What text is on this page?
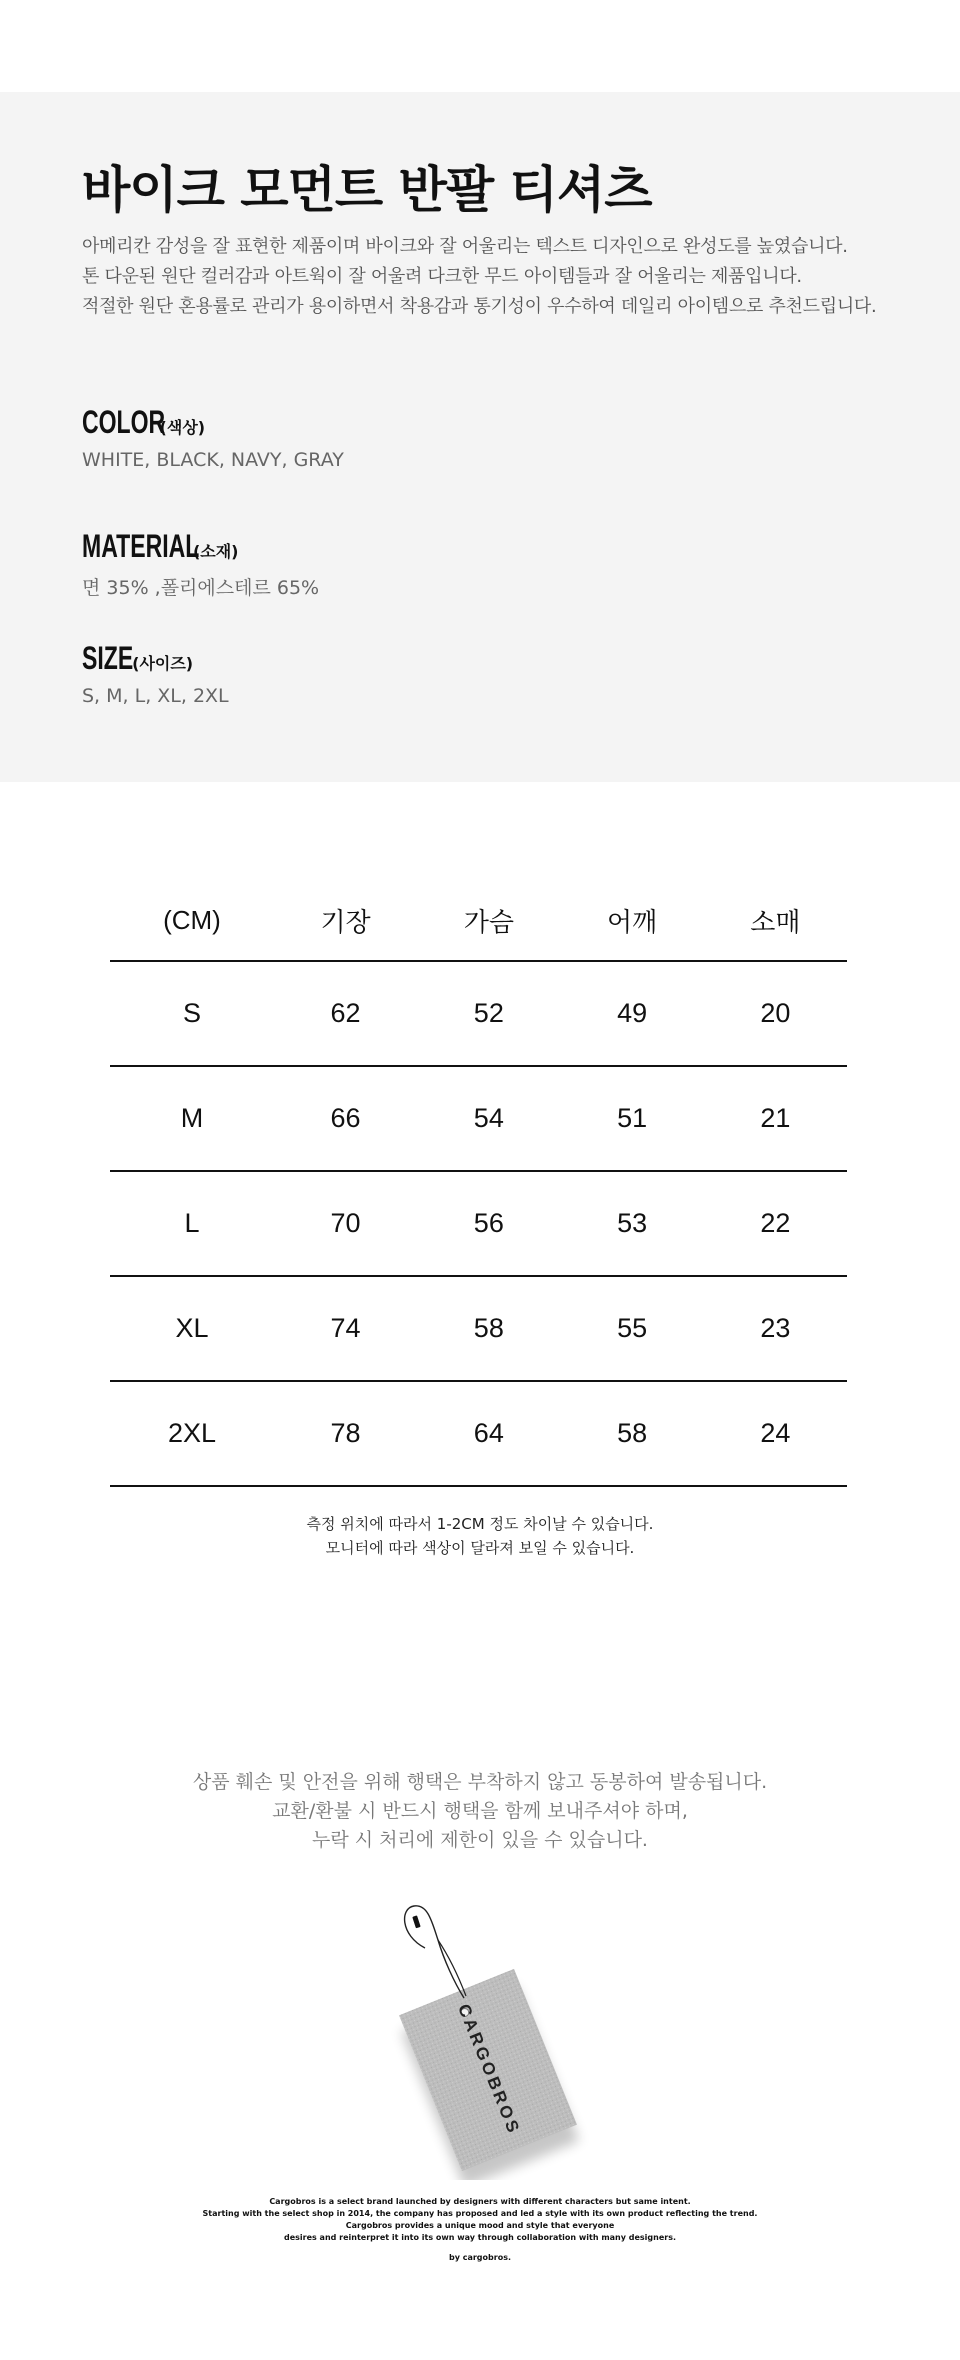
바이크 모먼트 반팔 티셔츠

아메리칸 감성을 잘 표현한 제품이며 바이크와 잘 어울리는 텍스트 디자인으로 완성도를 높였습니다.

톤 다운된 원단 컬러감과 아트웍이 잘 어울려 다크한 무드 아이템들과 잘 어울리는 제품입니다.

적절한 원단 혼용률로 관리가 용이하면서 착용감과 통기성이 우수하여 데일리 아이템으로 추천드립니다.

COLOR(색상)
WHITE, BLACK, NAVY, GRAY
MATERIAL(소재)
면 35% ,폴리에스테르 65%
SIZE(사이즈)
S, M, L, XL, 2XL
(CM)	기장	가슴	어깨	소매
S	62	52	49	20
M	66	54	51	21
L	70	56	53	22
XL	74	58	55	23
2XL	78	64	58	24

측정 위치에 따라서 1-2CM 정도 차이날 수 있습니다.

모니터에 따라 색상이 달라져 보일 수 있습니다.

상품 훼손 및 안전을 위해 행택은 부착하지 않고 동봉하여 발송됩니다.

교환/환불 시 반드시 행택을 함께 보내주셔야 하며,

누락 시 처리에 제한이 있을 수 있습니다.

CARGOBROS

Cargobros is a select brand launched by designers with different characters but same intent.

Starting with the select shop in 2014, the company has proposed and led a style with its own product reflecting the trend.

Cargobros provides a unique mood and style that everyone

desires and reinterpret it into its own way through collaboration with many designers.

by cargobros.
